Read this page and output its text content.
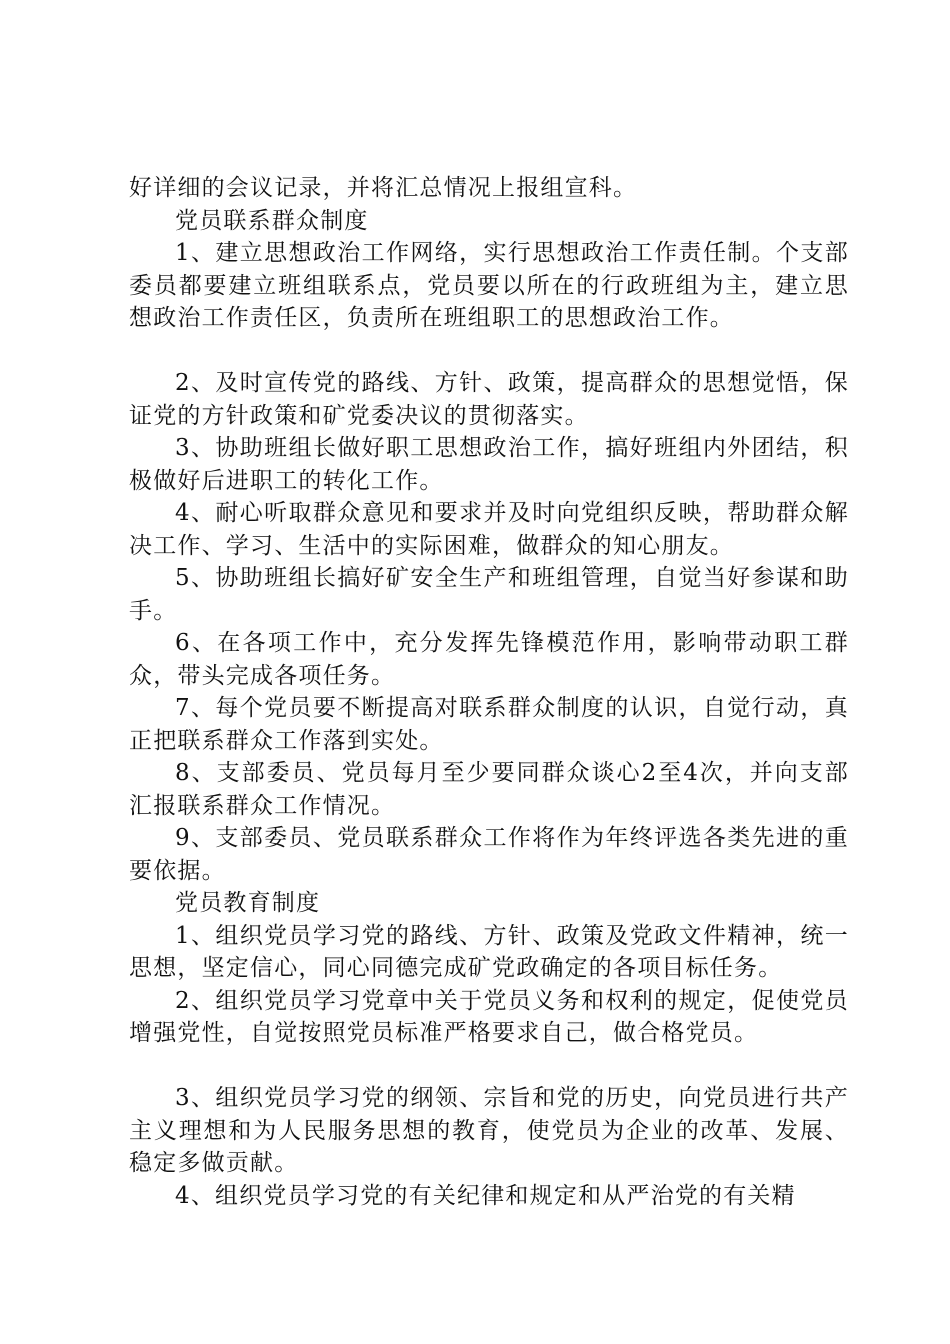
好详细的会议记录，并将汇总情况上报组宣科。

党员联系群众制度

1、建立思想政治工作网络，实行思想政治工作责任制。个支部委员都要建立班组联系点，党员要以所在的行政班组为主，建立思想政治工作责任区，负责所在班组职工的思想政治工作。

2、及时宣传党的路线、方针、政策，提高群众的思想觉悟，保证党的方针政策和矿党委决议的贯彻落实。

3、协助班组长做好职工思想政治工作，搞好班组内外团结，积极做好后进职工的转化工作。

4、耐心听取群众意见和要求并及时向党组织反映，帮助群众解决工作、学习、生活中的实际困难，做群众的知心朋友。

5、协助班组长搞好矿安全生产和班组管理，自觉当好参谋和助手。

6、在各项工作中，充分发挥先锋模范作用，影响带动职工群众，带头完成各项任务。

7、每个党员要不断提高对联系群众制度的认识，自觉行动，真正把联系群众工作落到实处。

8、支部委员、党员每月至少要同群众谈心2至4次，并向支部汇报联系群众工作情况。

9、支部委员、党员联系群众工作将作为年终评选各类先进的重要依据。

党员教育制度

1、组织党员学习党的路线、方针、政策及党政文件精神，统一思想，坚定信心，同心同德完成矿党政确定的各项目标任务。

2、组织党员学习党章中关于党员义务和权利的规定，促使党员增强党性，自觉按照党员标准严格要求自己，做合格党员。

3、组织党员学习党的纲领、宗旨和党的历史，向党员进行共产主义理想和为人民服务思想的教育，使党员为企业的改革、发展、稳定多做贡献。

4、组织党员学习党的有关纪律和规定和从严治党的有关精
